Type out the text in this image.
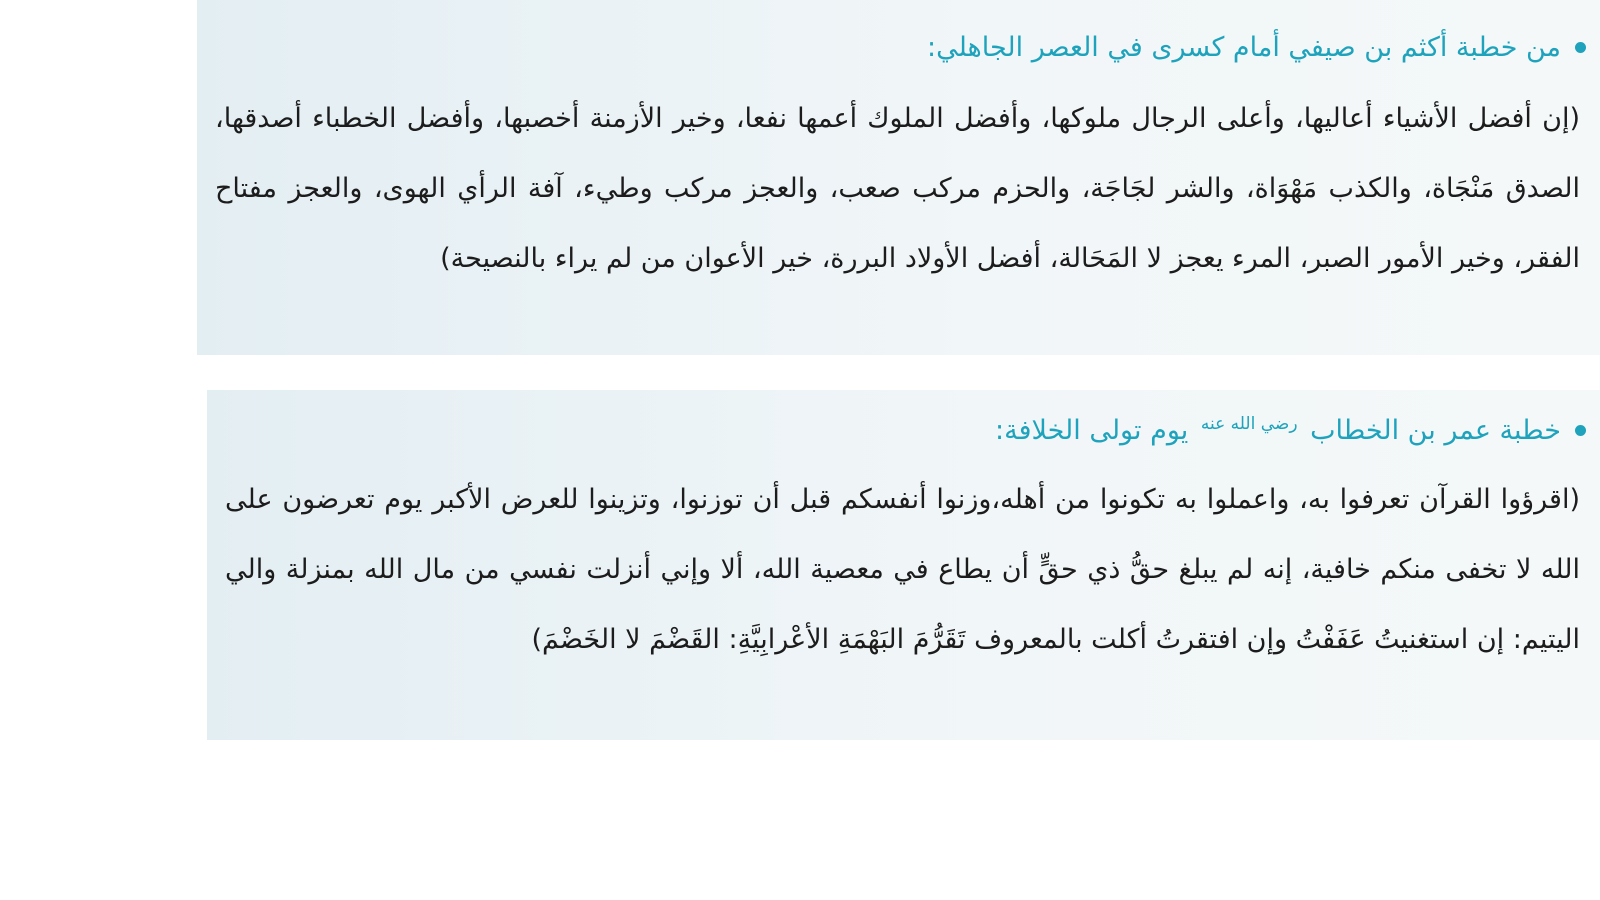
من خطبة أكثم بن صيفي أمام كسرى في العصر الجاهلي:

(إن أفضل الأشياء أعاليها، وأعلى الرجال ملوكها، وأفضل الملوك أعمها نفعا، وخير الأزمنة أخصبها، وأفضل الخطباء أصدقها، الصدق مَنْجَاة، والكذب مَهْوَاة، والشر لجَاجَة، والحزم مركب صعب، والعجز مركب وطيء، آفة الرأي الهوى، والعجز مفتاح الفقر، وخير الأمور الصبر، المرء يعجز لا المَحَالة، أفضل الأولاد البررة، خير الأعوان من لم يراء بالنصيحة)

خطبة عمر بن الخطاب $^{رضي الله عنه}$ يوم تولى الخلافة:

(اقرؤوا القرآن تعرفوا به، واعملوا به تكونوا من أهله،وزنوا أنفسكم قبل أن توزنوا، وتزينوا للعرض الأكبر يوم تعرضون على الله لا تخفى منكم خافية، إنه لم يبلغ حقُّ ذي حقٍّ أن يطاع في معصية الله، ألا وإني أنزلت نفسي من مال الله بمنزلة والي اليتيم: إن استغنيتُ عَفَفْتُ وإن افتقرتُ أكلت بالمعروف تَقَرُّمَ البَهْمَةِ الأعْرابِيَّةِ: القَضْمَ لا الخَضْمَ)
